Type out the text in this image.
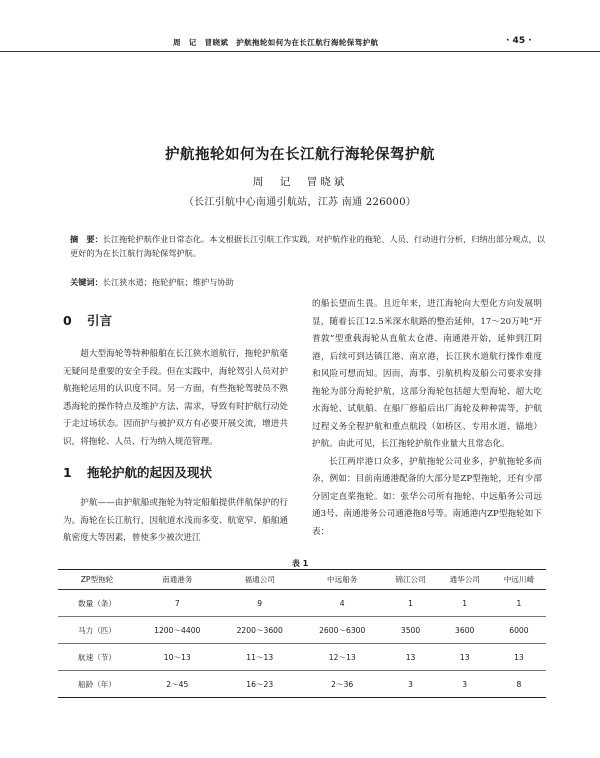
周　记　冒晓斌　护航拖轮如何为在长江航行海轮保驾护航	· 45 ·
护航拖轮如何为在长江航行海轮保驾护航
周　记　冒晓斌
（长江引航中心南通引航站，江苏 南通 226000）
摘　要：长江拖轮护航作业日常态化。本文根据长江引航工作实践，对护航作业的拖轮、人员、行动进行分析，归纳出部分观点，以更好的为在长江航行海轮保驾护航。
关键词：长江狭水道；拖轮护航；维护与协助
0 引言

超大型海轮等特种船舶在长江狭水道航行，拖轮护航毫无疑问是重要的安全手段。但在实践中，海轮驾引人员对护航拖轮运用的认识度不同。另一方面，有些拖轮驾驶员不熟悉海轮的操作特点及维护方法、需求，导致有时护航行动处于走过场状态。因而护与被护双方有必要开展交流，增进共识，将拖轮、人员、行为纳入规范管理。

1 拖轮护航的起因及现状

护航——由护航船或拖轮为特定船舶提供伴航保护的行为。海轮在长江航行，因航道水浅而多变、航宽窄、船舶通航密度大等因素，曾使多少被次进江

的船长望而生畏。且近年来，进江海轮向大型化方向发展明显，随着长江12.5米深水航路的整治延伸，17～20万吨“开普敦”型重载海轮从直航太仓港、南通港开始，延伸到江阴港，后续可到达镇江港、南京港，长江狭水道航行操作难度和风险可想而知。因而，海事、引航机构及船公司要求安排拖轮为部分海轮护航，这部分海轮包括超大型海轮、超大吃水海轮、试航船、在船厂修船后出厂海轮及种种需等，护航过程义务全程护航和重点航段（如桥区、专用水道、锚地）护航。由此可见，长江拖轮护航作业量大且常态化。

长江两岸港口众多，护航拖轮公司业多，护航拖轮多而杂，例如：目前南通港配备的大部分是ZP型拖轮，还有少部分固定直桨拖轮。如：张华公司所有拖轮、中远船务公司远通3号、南通港务公司通港拖8号等。南通港内ZP型拖轮如下表：

表 1
ZP型拖轮	南通港务	福通公司	中远船务	锦江公司	通华公司	中远川崎
数量（条）	7	9	4	1	1	1
马力（匹）	1200～4400	2200～3600	2600～6300	3500	3600	6000
航速（节）	10～13	11～13	12～13	13	13	13
船龄（年）	2～45	16～23	2～36	3	3	8
